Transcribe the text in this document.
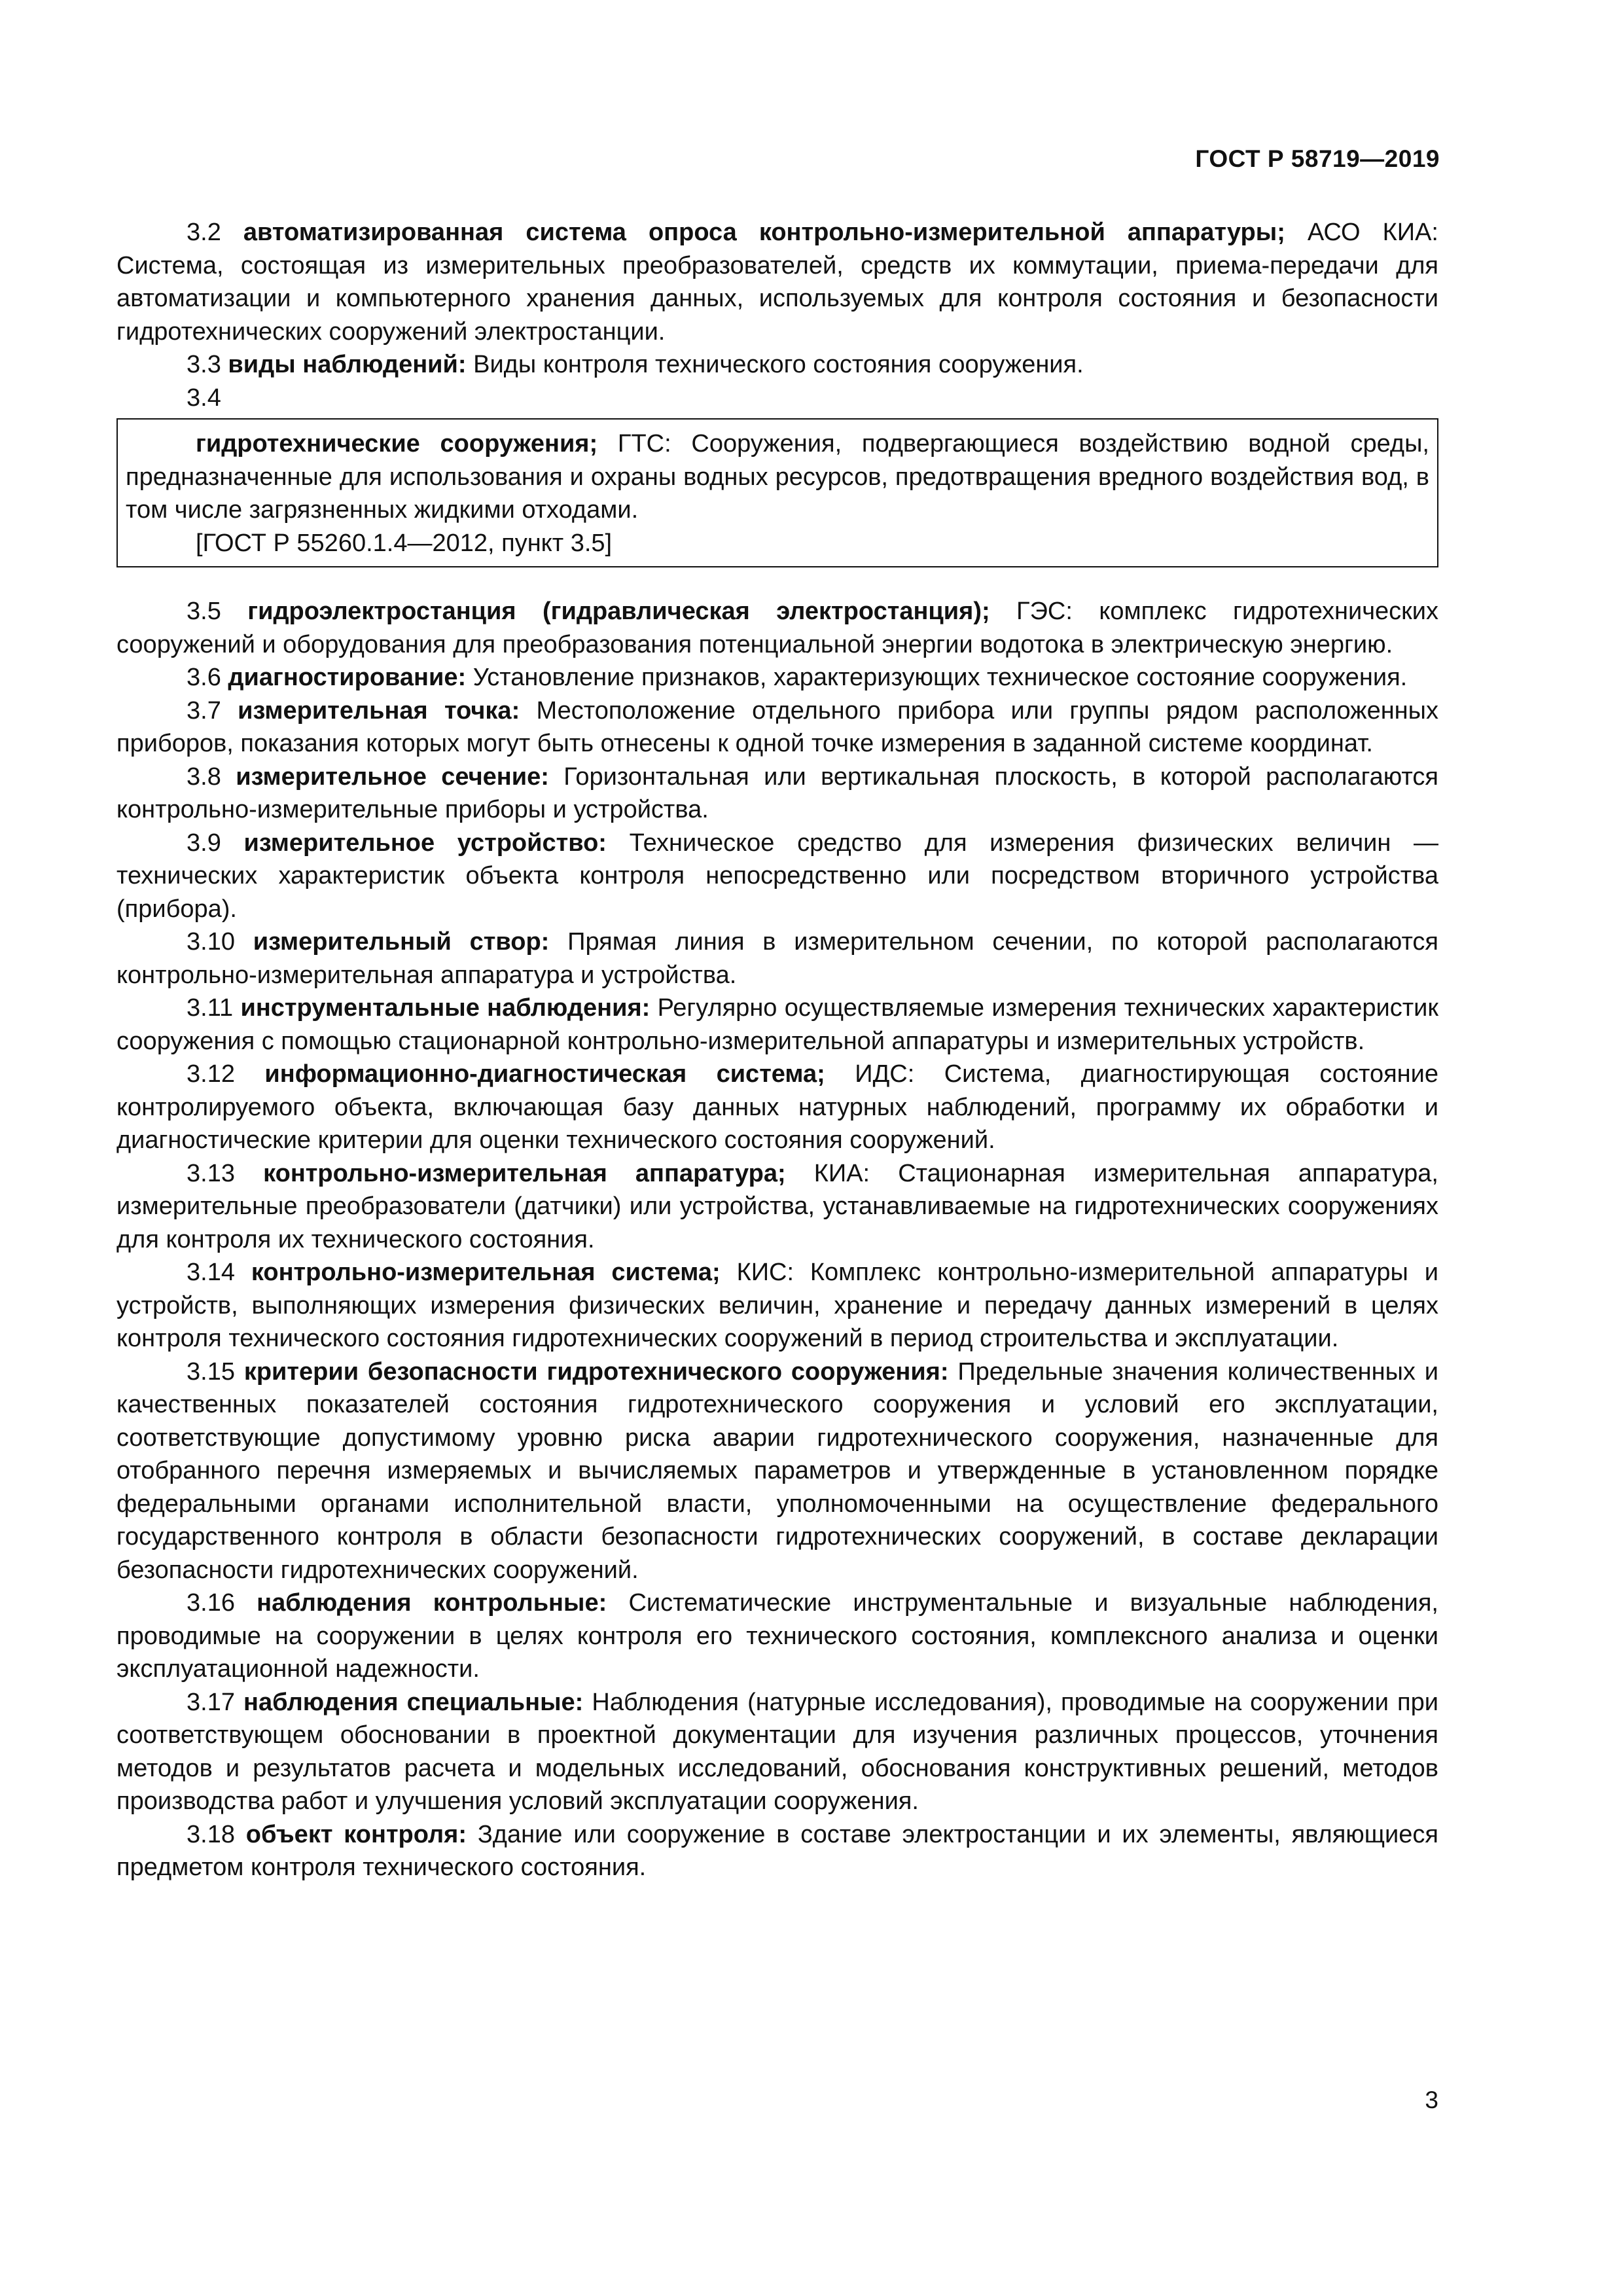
ГОСТ Р 58719—2019

3.2 автоматизированная система опроса контрольно-измерительной аппаратуры; АСО КИА: Система, состоящая из измерительных преобразователей, средств их коммутации, приема-передачи для автоматизации и компьютерного хранения данных, используемых для контроля состояния и безопасности гидротехнических сооружений электростанции.

3.3 виды наблюдений: Виды контроля технического состояния сооружения.

3.4

гидротехнические сооружения; ГТС: Сооружения, подвергающиеся воздействию водной среды, предназначенные для использования и охраны водных ресурсов, предотвращения вредного воздействия вод, в том числе загрязненных жидкими отходами.

[ГОСТ Р 55260.1.4—2012, пункт 3.5]

3.5 гидроэлектростанция (гидравлическая электростанция); ГЭС: комплекс гидротехнических сооружений и оборудования для преобразования потенциальной энергии водотока в электрическую энергию.

3.6 диагностирование: Установление признаков, характеризующих техническое состояние сооружения.

3.7 измерительная точка: Местоположение отдельного прибора или группы рядом расположенных приборов, показания которых могут быть отнесены к одной точке измерения в заданной системе координат.

3.8 измерительное сечение: Горизонтальная или вертикальная плоскость, в которой располагаются контрольно-измерительные приборы и устройства.

3.9 измерительное устройство: Техническое средство для измерения физических величин — технических характеристик объекта контроля непосредственно или посредством вторичного устройства (прибора).

3.10 измерительный створ: Прямая линия в измерительном сечении, по которой располагаются контрольно-измерительная аппаратура и устройства.

3.11 инструментальные наблюдения: Регулярно осуществляемые измерения технических характеристик сооружения с помощью стационарной контрольно-измерительной аппаратуры и измерительных устройств.

3.12 информационно-диагностическая система; ИДС: Система, диагностирующая состояние контролируемого объекта, включающая базу данных натурных наблюдений, программу их обработки и диагностические критерии для оценки технического состояния сооружений.

3.13 контрольно-измерительная аппаратура; КИА: Стационарная измерительная аппаратура, измерительные преобразователи (датчики) или устройства, устанавливаемые на гидротехнических сооружениях для контроля их технического состояния.

3.14 контрольно-измерительная система; КИС: Комплекс контрольно-измерительной аппаратуры и устройств, выполняющих измерения физических величин, хранение и передачу данных измерений в целях контроля технического состояния гидротехнических сооружений в период строительства и эксплуатации.

3.15 критерии безопасности гидротехнического сооружения: Предельные значения количественных и качественных показателей состояния гидротехнического сооружения и условий его эксплуатации, соответствующие допустимому уровню риска аварии гидротехнического сооружения, назначенные для отобранного перечня измеряемых и вычисляемых параметров и утвержденные в установленном порядке федеральными органами исполнительной власти, уполномоченными на осуществление федерального государственного контроля в области безопасности гидротехнических сооружений, в составе декларации безопасности гидротехнических сооружений.

3.16 наблюдения контрольные: Систематические инструментальные и визуальные наблюдения, проводимые на сооружении в целях контроля его технического состояния, комплексного анализа и оценки эксплуатационной надежности.

3.17 наблюдения специальные: Наблюдения (натурные исследования), проводимые на сооружении при соответствующем обосновании в проектной документации для изучения различных процессов, уточнения методов и результатов расчета и модельных исследований, обоснования конструктивных решений, методов производства работ и улучшения условий эксплуатации сооружения.

3.18 объект контроля: Здание или сооружение в составе электростанции и их элементы, являющиеся предметом контроля технического состояния.

3
